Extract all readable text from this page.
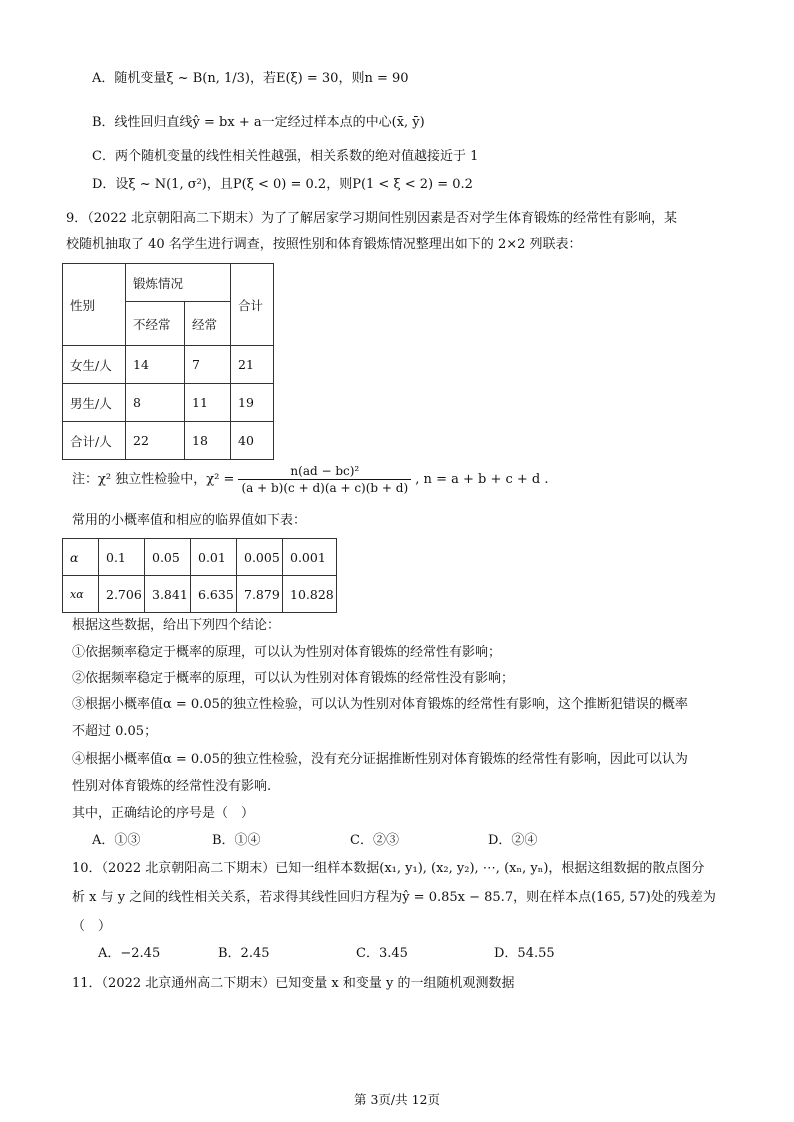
A．随机变量ξ ~ B(n, 1/3)，若E(ξ) = 30，则n = 90
B．线性回归直线ŷ = bx + a一定经过样本点的中心(x̄, ȳ)
C．两个随机变量的线性相关性越强，相关系数的绝对值越接近于 1
D．设ξ ~ N(1, σ²)，且P(ξ < 0) = 0.2，则P(1 < ξ < 2) = 0.2
9．（2022 北京朝阳高二下期末）为了了解居家学习期间性别因素是否对学生体育锻炼的经常性有影响，某
校随机抽取了 40 名学生进行调查，按照性别和体育锻炼情况整理出如下的 2×2 列联表：
性别	锻炼情况		合计
	不经常	经常	
女生/人	14	7	21
男生/人	8	11	19
合计/人	22	18	40
注：χ² 独立性检验中，$\chi^2 = \frac{\text{n(ad − bc)²}}{(a + b)(c + d)(a + c)(b + d)}$ , n = a + b + c + d .
常用的小概率值和相应的临界值如下表：
α	0.1	0.05	0.01	0.005	0.001
xα	2.706	3.841	6.635	7.879	10.828
根据这些数据，给出下列四个结论：
①依据频率稳定于概率的原理，可以认为性别对体育锻炼的经常性有影响；
②依据频率稳定于概率的原理，可以认为性别对体育锻炼的经常性没有影响；
③根据小概率值α = 0.05的独立性检验，可以认为性别对体育锻炼的经常性有影响，这个推断犯错误的概率
不超过 0.05；
④根据小概率值α = 0.05的独立性检验，没有充分证据推断性别对体育锻炼的经常性有影响，因此可以认为
性别对体育锻炼的经常性没有影响.
其中，正确结论的序号是（　）
A．①③	B．①④	C．②③	D．②④
10．（2022 北京朝阳高二下期末）已知一组样本数据(x₁, y₁), (x₂, y₂), ⋯, (xₙ, yₙ)，根据这组数据的散点图分
析 x 与 y 之间的线性相关关系，若求得其线性回归方程为ŷ = 0.85x − 85.7，则在样本点(165, 57)处的残差为
（　）
A．−2.45	B．2.45	C．3.45	D．54.55
11．（2022 北京通州高二下期末）已知变量 x 和变量 y 的一组随机观测数据
第 3页/共 12页
